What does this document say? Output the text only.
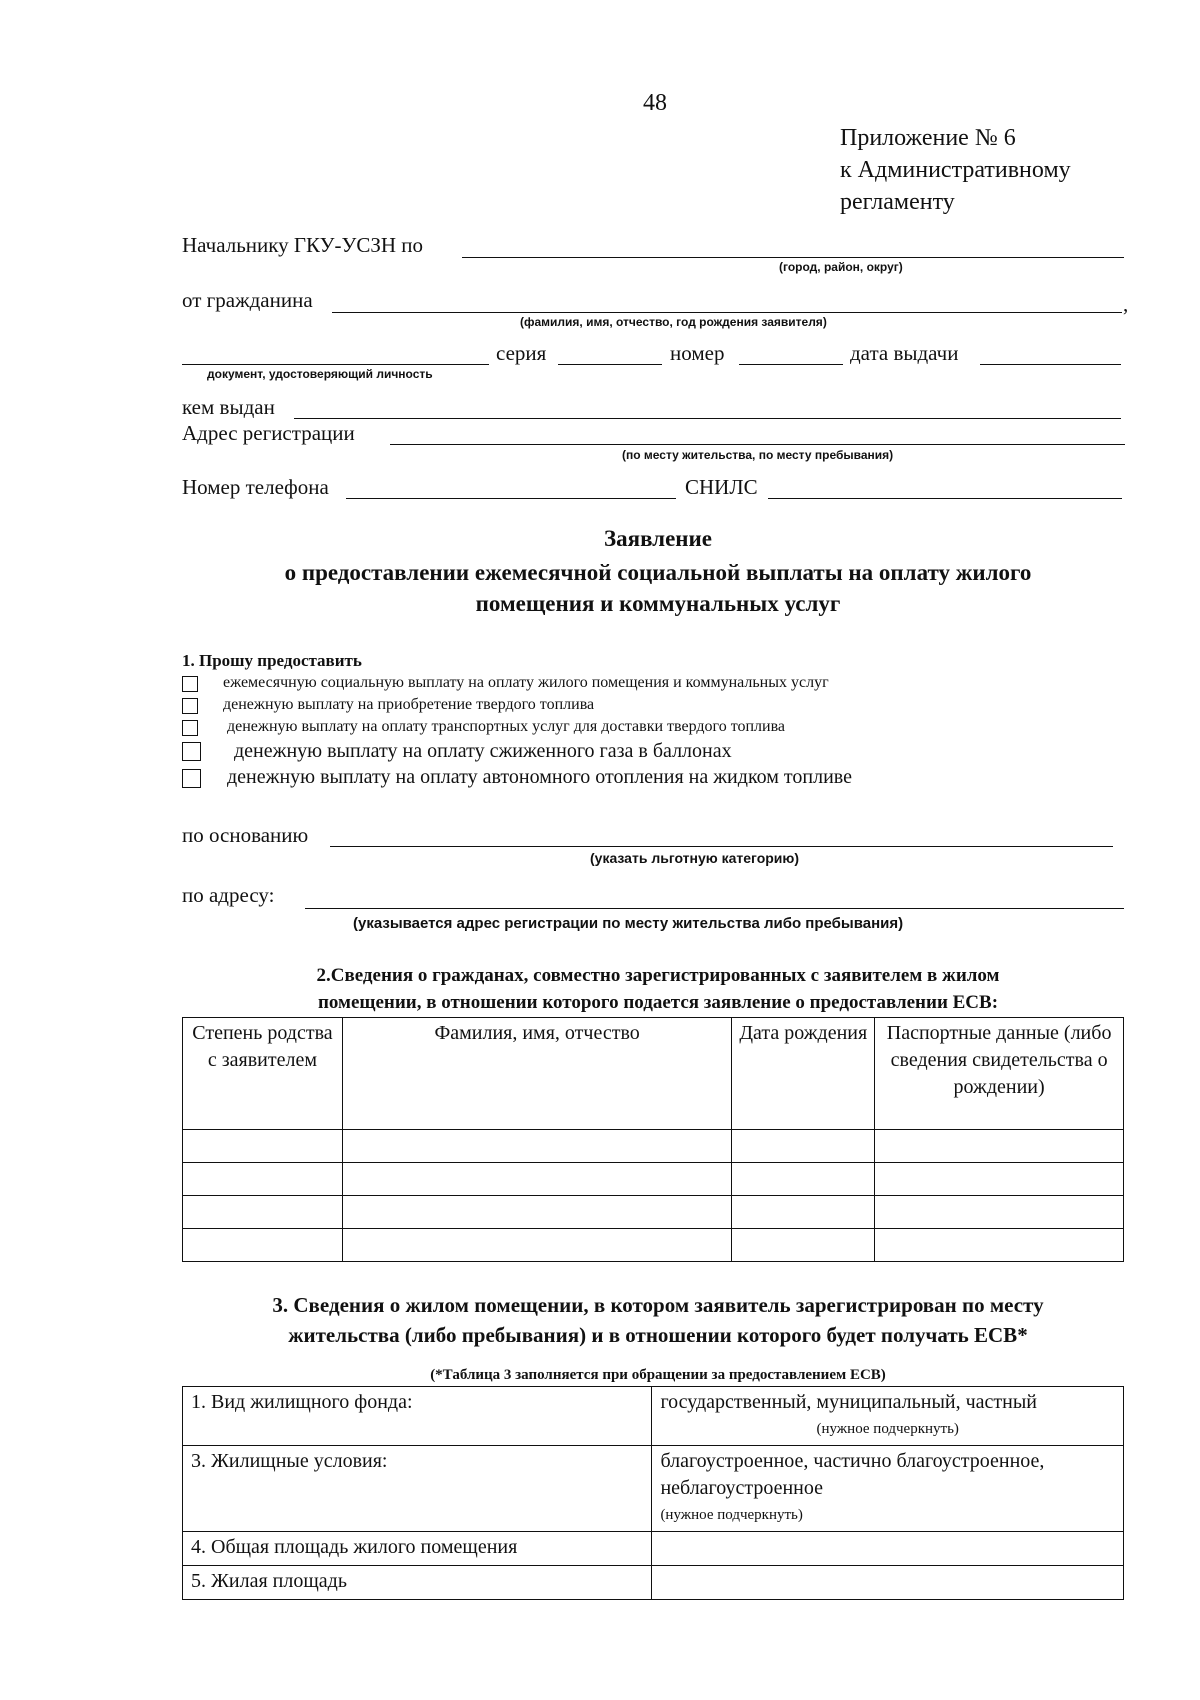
48
Приложение № 6
к Административному
регламенту
Начальнику ГКУ-УСЗН по
(город, район, округ)
от гражданина	,
(фамилия, имя, отчество, год рождения заявителя)
серия	номер	дата выдачи
документ, удостоверяющий личность
кем выдан
Адрес регистрации
(по месту жительства, по месту пребывания)
Номер телефона	СНИЛС
Заявление
о предоставлении ежемесячной социальной выплаты на оплату жилого
помещения и коммунальных услуг
1. Прошу предоставить
ежемесячную социальную выплату на оплату жилого помещения и коммунальных услуг
денежную выплату на приобретение твердого топлива
денежную выплату на оплату транспортных услуг для доставки твердого топлива
денежную выплату на оплату сжиженного газа в баллонах
денежную выплату на оплату автономного отопления на жидком топливе
по основанию
(указать льготную категорию)
по адресу:
(указывается адрес регистрации по месту жительства либо пребывания)
2.Сведения о гражданах, совместно зарегистрированных с заявителем в жилом
помещении, в отношении которого подается заявление о предоставлении ЕСВ:
Степень родства с заявителем	Фамилия, имя, отчество	Дата рождения	Паспортные данные (либо сведения свидетельства о рождении)

3. Сведения о жилом помещении, в котором заявитель зарегистрирован по месту
жительства (либо пребывания) и в отношении которого будет получать ЕСВ*
(*Таблица 3 заполняется при обращении за предоставлением ЕСВ)
1. Вид жилищного фонда:	государственный, муниципальный, частный
(нужное подчеркнуть)

3. Жилищные условия:	благоустроенное, частично благоустроенное, неблагоустроенное
(нужное подчеркнуть)

4. Общая площадь жилого помещения	
5. Жилая площадь	
